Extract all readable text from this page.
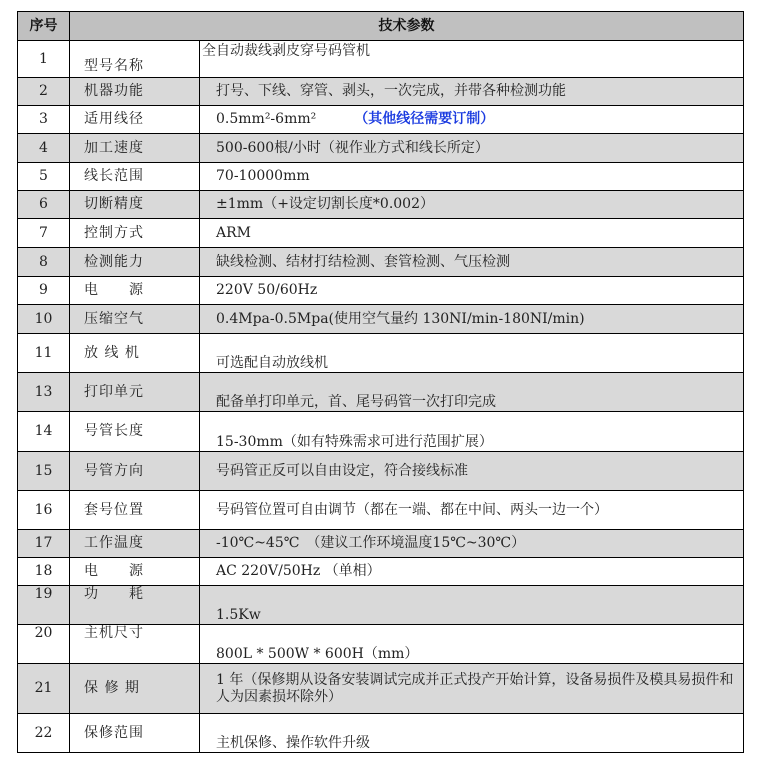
序号	技术参数	
1	型号名称	全自动裁线剥皮穿号码管机
2	机器功能	打号、下线、穿管、剥头，一次完成，并带各种检测功能
3	适用线径	0.5mm²-6mm² （其他线径需要订制）
4	加工速度	500-600根/小时（视作业方式和线长所定）
5	线长范围	70-10000mm
6	切断精度	±1mm（+设定切割长度*0.002）
7	控制方式	ARM
8	检测能力	缺线检测、结材打结检测、套管检测、气压检测
9	电　　源	220V 50/60Hz
10	压缩空气	0.4Mpa-0.5Mpa(使用空气量约 130NI/min-180NI/min)
11	放 线 机	可选配自动放线机
13	打印单元	配备单打印单元，首、尾号码管一次打印完成
14	号管长度	15-30mm（如有特殊需求可进行范围扩展）
15	号管方向	号码管正反可以自由设定，符合接线标准
16	套号位置	号码管位置可自由调节（都在一端、都在中间、两头一边一个）
17	工作温度	-10℃~45℃　（建议工作环境温度15℃~30℃）
18	电　　源	AC 220V/50Hz （单相）
19	功　　耗	1.5Kw
20	主机尺寸	800L * 500W * 600H（mm）
21	保 修 期	1 年（保修期从设备安装调试完成并正式投产开始计算，设备易损件及模具易损件和人为因素损坏除外）
22	保修范围	主机保修、操作软件升级
